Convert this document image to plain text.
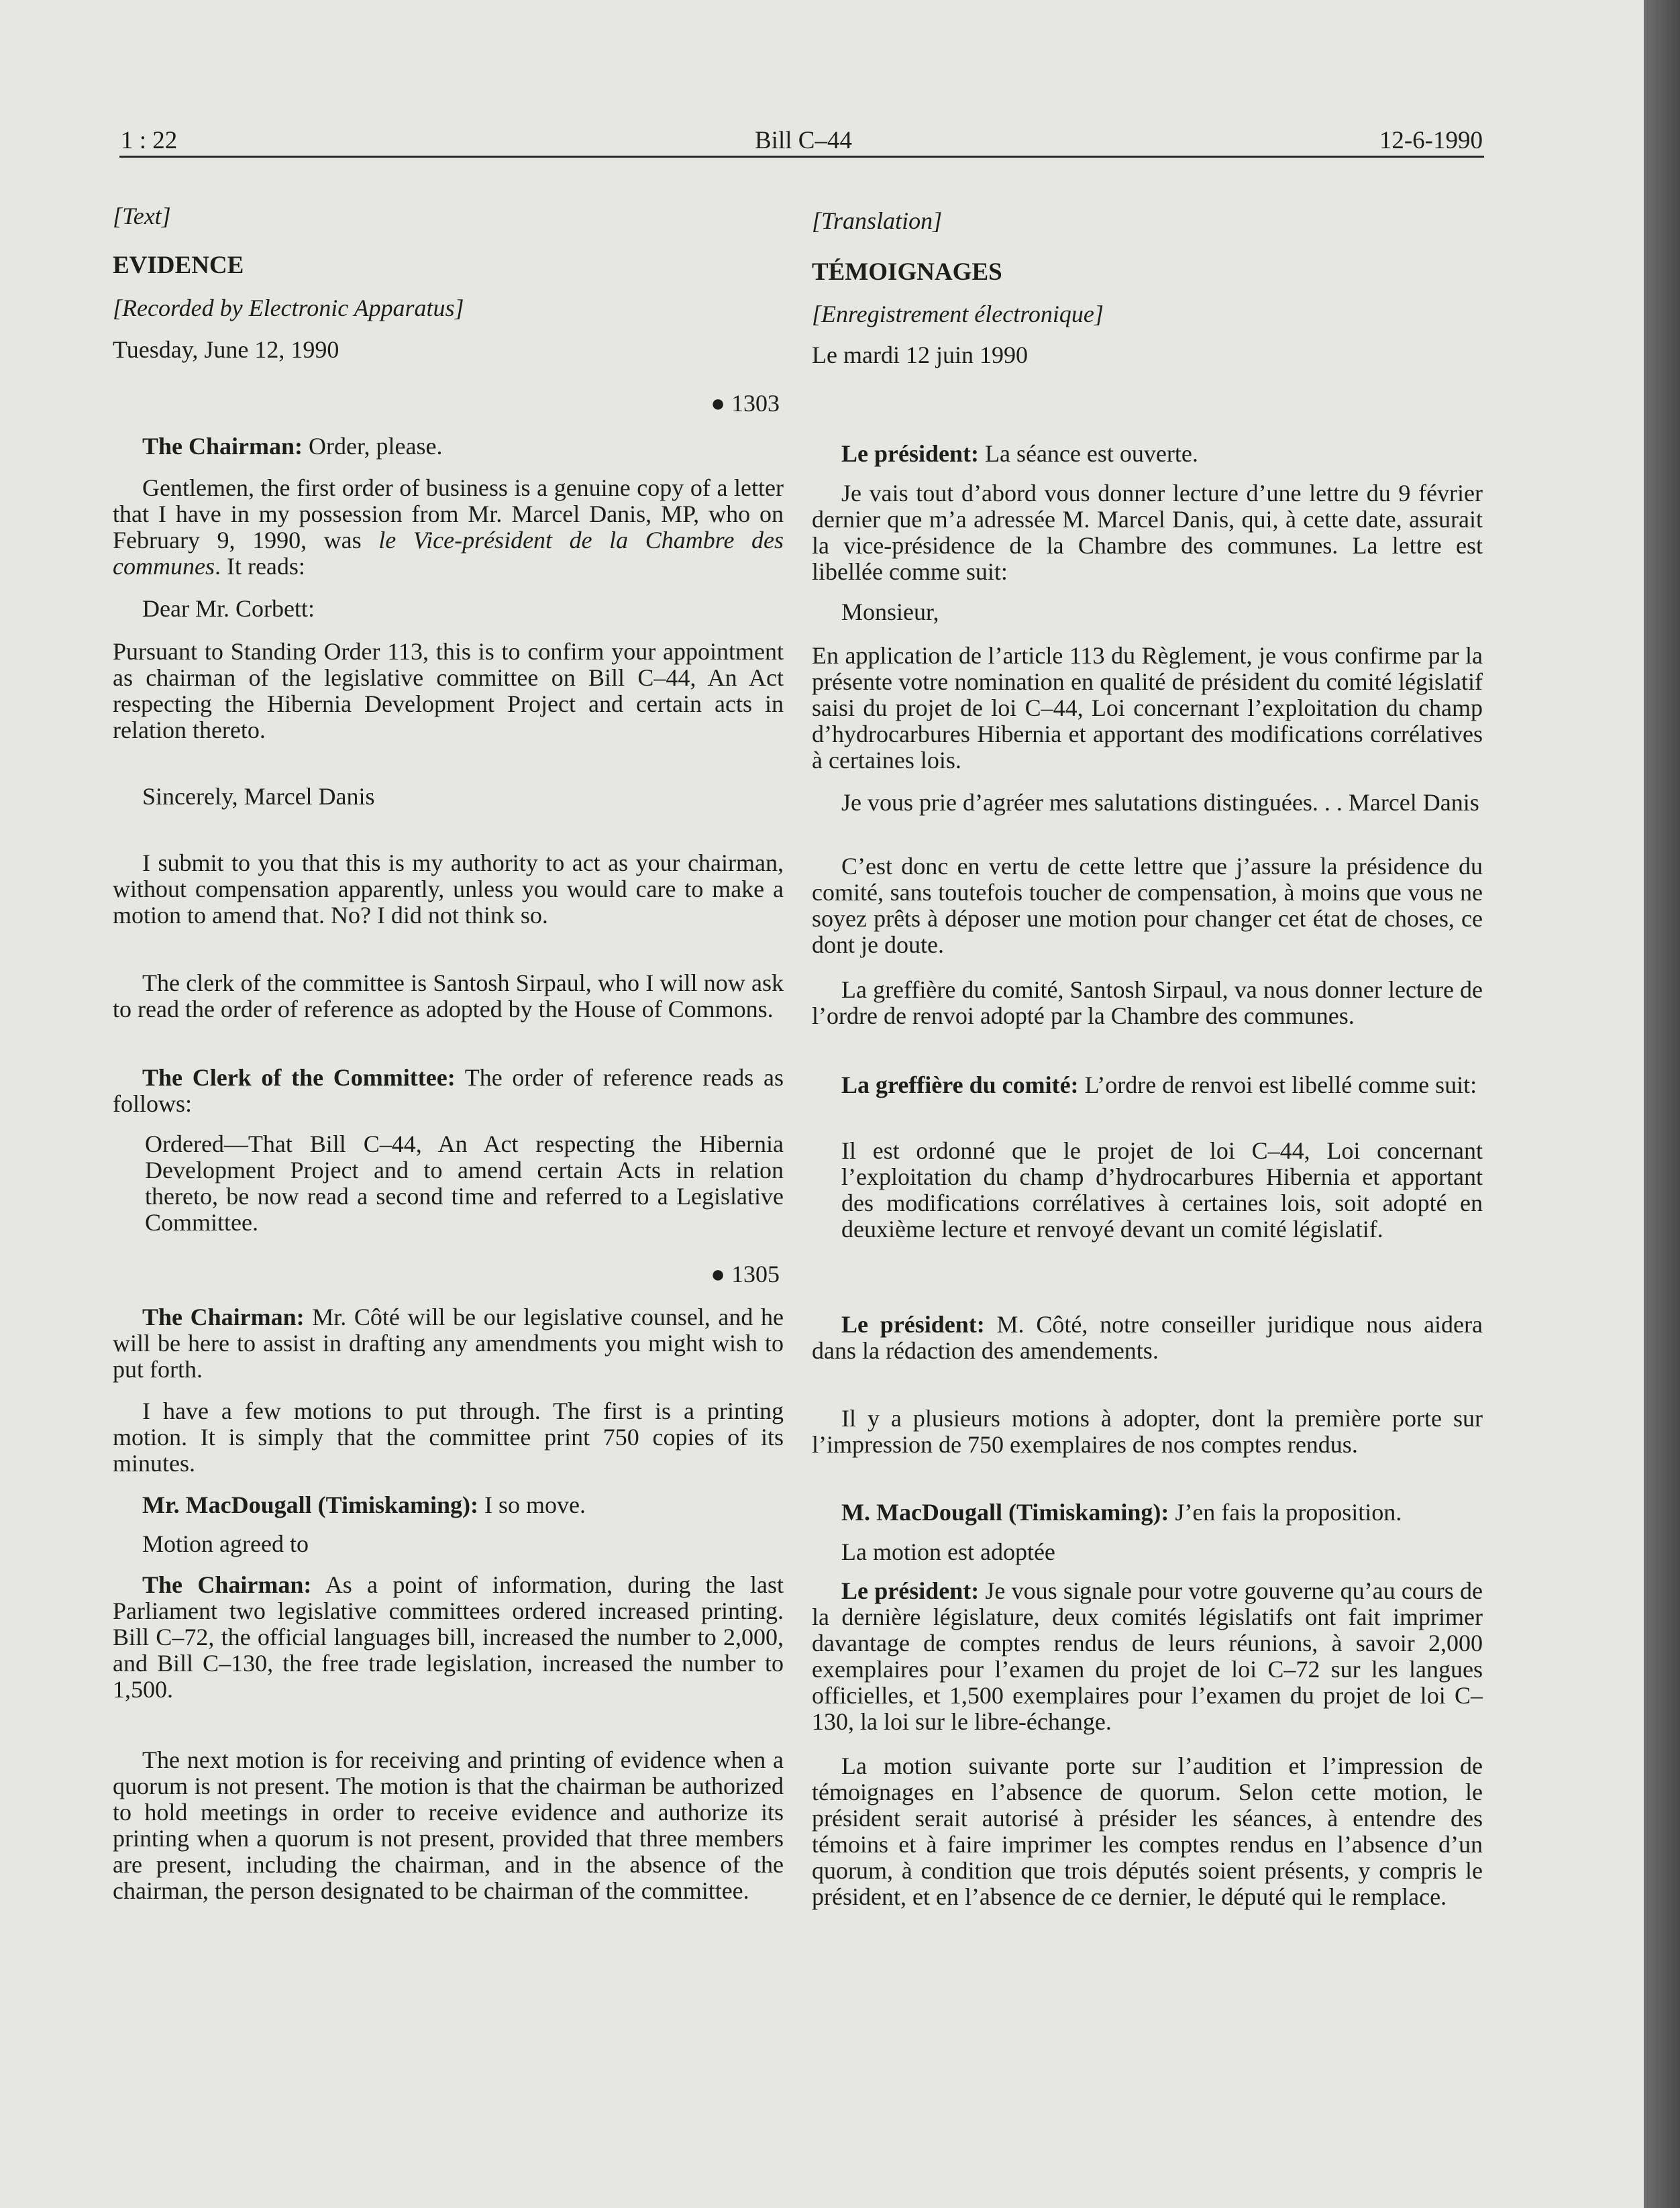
1 : 22	Bill C–44	12-6-1990

[Text]

EVIDENCE

[Recorded by Electronic Apparatus]

Tuesday, June 12, 1990

● 1303

The Chairman: Order, please.

Gentlemen, the first order of business is a genuine copy of a letter that I have in my possession from Mr. Marcel Danis, MP, who on February 9, 1990, was le Vice-président de la Chambre des communes. It reads:

Dear Mr. Corbett:

Pursuant to Standing Order 113, this is to confirm your appointment as chairman of the legislative committee on Bill C–44, An Act respecting the Hibernia Development Project and certain acts in relation thereto.

Sincerely, Marcel Danis

I submit to you that this is my authority to act as your chairman, without compensation apparently, unless you would care to make a motion to amend that. No? I did not think so.

The clerk of the committee is Santosh Sirpaul, who I will now ask to read the order of reference as adopted by the House of Commons.

The Clerk of the Committee: The order of reference reads as follows:

Ordered—That Bill C–44, An Act respecting the Hibernia Development Project and to amend certain Acts in relation thereto, be now read a second time and referred to a Legislative Committee.

● 1305

The Chairman: Mr. Côté will be our legislative counsel, and he will be here to assist in drafting any amendments you might wish to put forth.

I have a few motions to put through. The first is a printing motion. It is simply that the committee print 750 copies of its minutes.

Mr. MacDougall (Timiskaming): I so move.

Motion agreed to

The Chairman: As a point of information, during the last Parliament two legislative committees ordered increased printing. Bill C–72, the official languages bill, increased the number to 2,000, and Bill C–130, the free trade legislation, increased the number to 1,500.

The next motion is for receiving and printing of evidence when a quorum is not present. The motion is that the chairman be authorized to hold meetings in order to receive evidence and authorize its printing when a quorum is not present, provided that three members are present, including the chairman, and in the absence of the chairman, the person designated to be chairman of the committee.

[Translation]

TÉMOIGNAGES

[Enregistrement électronique]

Le mardi 12 juin 1990

Le président: La séance est ouverte.

Je vais tout d’abord vous donner lecture d’une lettre du 9 février dernier que m’a adressée M. Marcel Danis, qui, à cette date, assurait la vice-présidence de la Chambre des communes. La lettre est libellée comme suit:

Monsieur,

En application de l’article 113 du Règlement, je vous confirme par la présente votre nomination en qualité de président du comité législatif saisi du projet de loi C–44, Loi concernant l’exploitation du champ d’hydrocarbures Hibernia et apportant des modifications corrélatives à certaines lois.

Je vous prie d’agréer mes salutations distinguées. . . Marcel Danis

C’est donc en vertu de cette lettre que j’assure la présidence du comité, sans toutefois toucher de compensation, à moins que vous ne soyez prêts à déposer une motion pour changer cet état de choses, ce dont je doute.

La greffière du comité, Santosh Sirpaul, va nous donner lecture de l’ordre de renvoi adopté par la Chambre des communes.

La greffière du comité: L’ordre de renvoi est libellé comme suit:

Il est ordonné que le projet de loi C–44, Loi concernant l’exploitation du champ d’hydrocarbures Hibernia et apportant des modifications corrélatives à certaines lois, soit adopté en deuxième lecture et renvoyé devant un comité législatif.

Le président: M. Côté, notre conseiller juridique nous aidera dans la rédaction des amendements.

Il y a plusieurs motions à adopter, dont la première porte sur l’impression de 750 exemplaires de nos comptes rendus.

M. MacDougall (Timiskaming): J’en fais la proposition.

La motion est adoptée

Le président: Je vous signale pour votre gouverne qu’au cours de la dernière législature, deux comités législatifs ont fait imprimer davantage de comptes rendus de leurs réunions, à savoir 2,000 exemplaires pour l’examen du projet de loi C–72 sur les langues officielles, et 1,500 exemplaires pour l’examen du projet de loi C–130, la loi sur le libre-échange.

La motion suivante porte sur l’audition et l’impression de témoignages en l’absence de quorum. Selon cette motion, le président serait autorisé à présider les séances, à entendre des témoins et à faire imprimer les comptes rendus en l’absence d’un quorum, à condition que trois députés soient présents, y compris le président, et en l’absence de ce dernier, le député qui le remplace.
